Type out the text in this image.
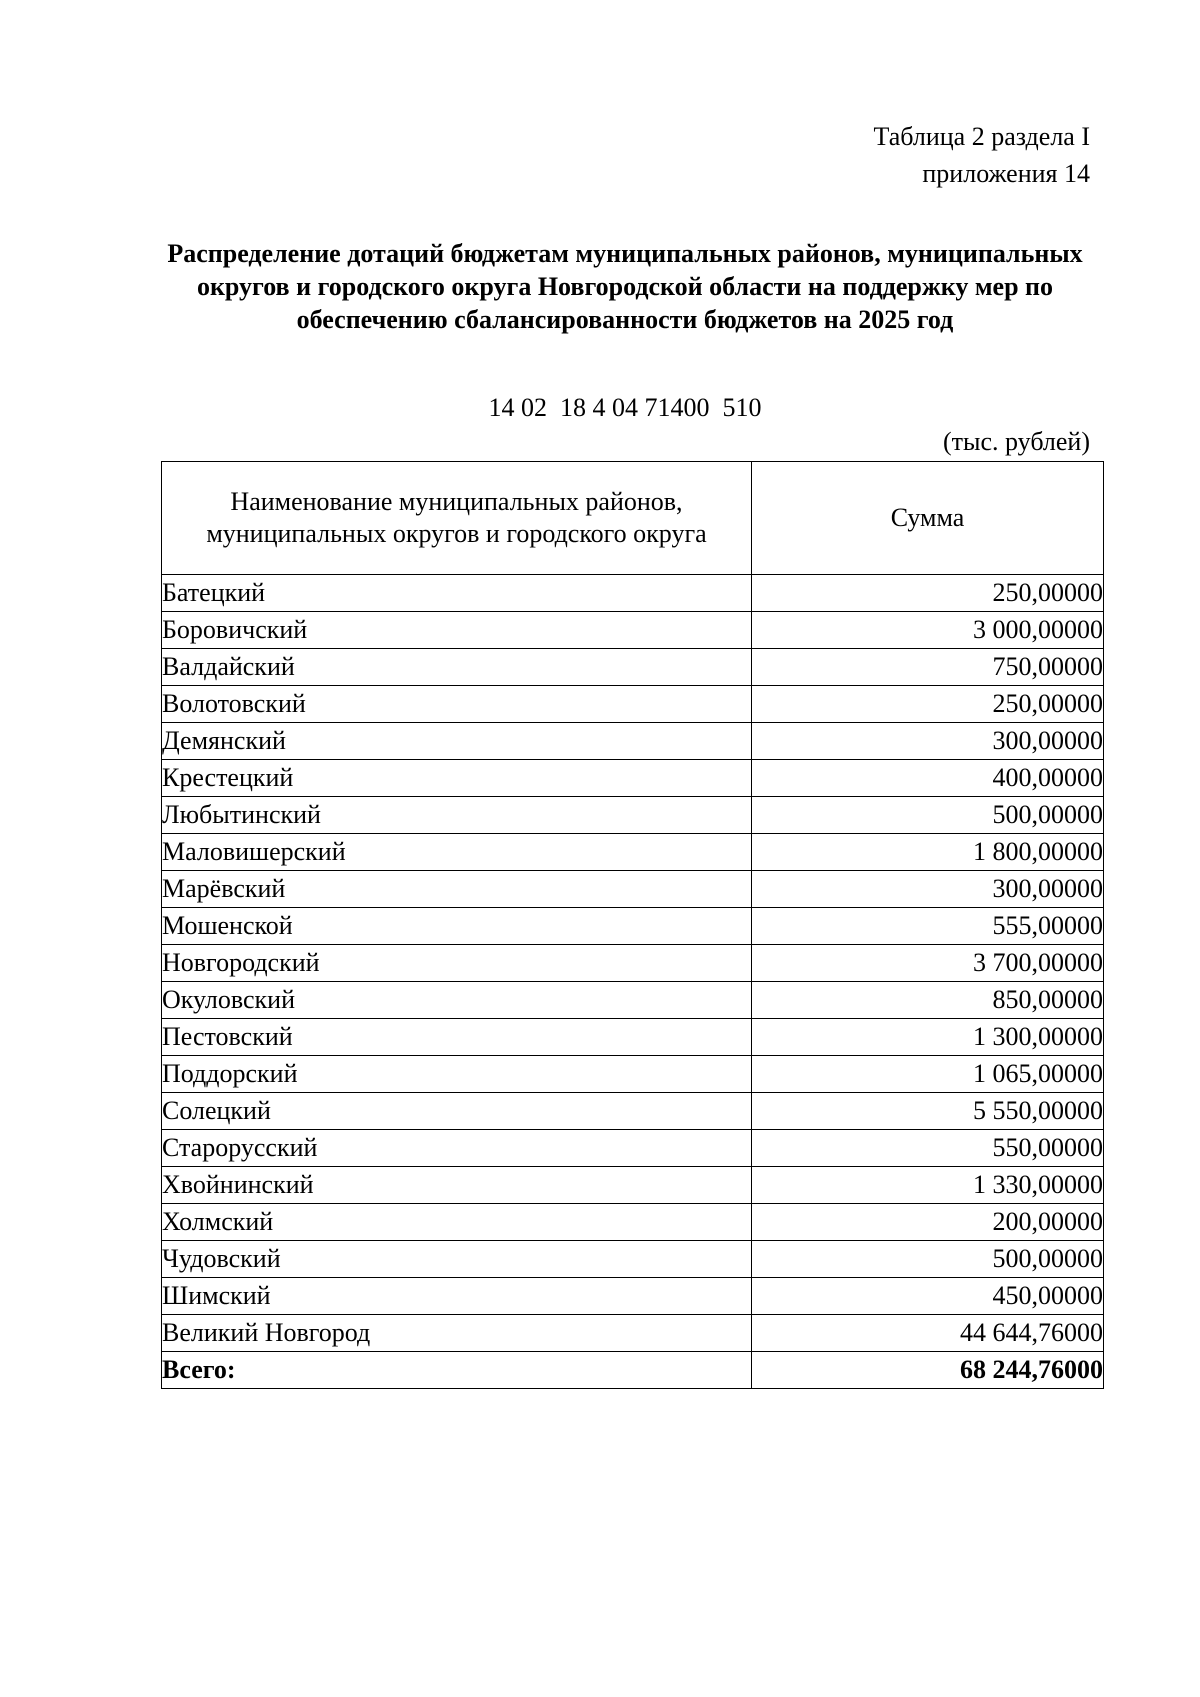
Таблица 2 раздела I
приложения 14
Распределение дотаций бюджетам муниципальных районов, муниципальных округов и городского округа Новгородской области на поддержку мер по обеспечению сбалансированности бюджетов на 2025 год
14 02  18 4 04 71400  510
(тыс. рублей)
Наименование муниципальных районов, муниципальных округов и городского округа	Сумма
Батецкий	250,00000
Боровичский	3 000,00000
Валдайский	750,00000
Волотовский	250,00000
Демянский	300,00000
Крестецкий	400,00000
Любытинский	500,00000
Маловишерский	1 800,00000
Марёвский	300,00000
Мошенской	555,00000
Новгородский	3 700,00000
Окуловский	850,00000
Пестовский	1 300,00000
Поддорский	1 065,00000
Солецкий	5 550,00000
Старорусский	550,00000
Хвойнинский	1 330,00000
Холмский	200,00000
Чудовский	500,00000
Шимский	450,00000
Великий Новгород	44 644,76000
Всего:	68 244,76000
